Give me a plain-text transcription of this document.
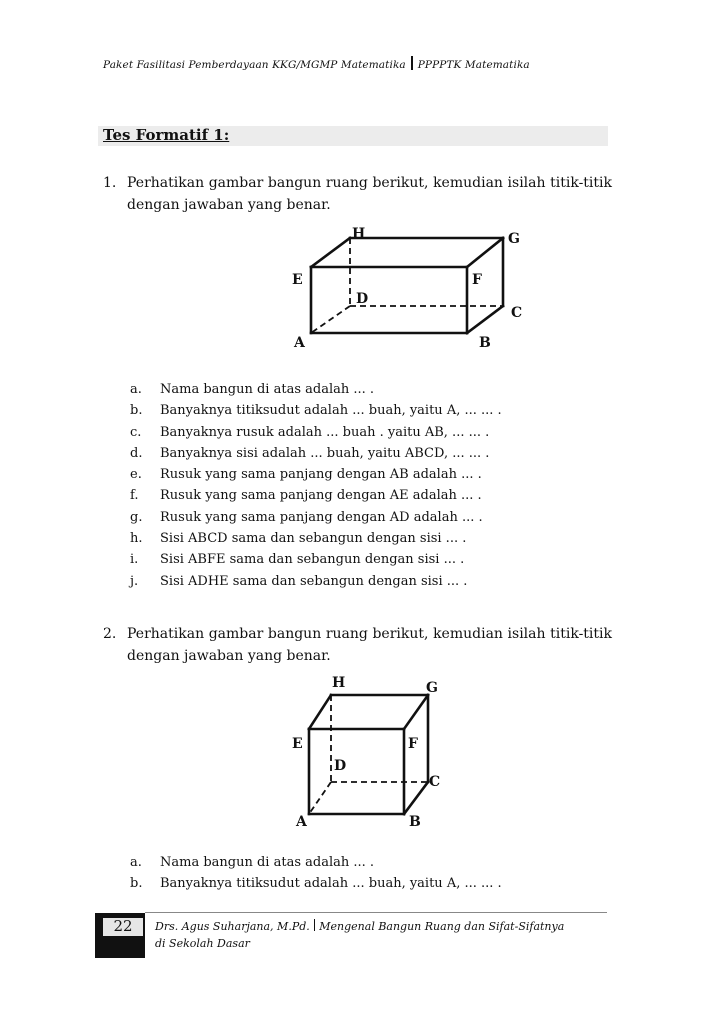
Paket Fasilitasi Pemberdayaan KKG/MGMP Matematika PPPPTK Matematika
Tes Formatif 1:
1. Perhatikan gambar bangun ruang berikut, kemudian isilah titik-titik dengan jawaban yang benar.
H	G
E	F
D
C
A	B
a. Nama bangun di atas adalah ... .
b. Banyaknya titiksudut adalah ... buah, yaitu A, ... ... .
c. Banyaknya rusuk adalah ... buah . yaitu AB, ... ... .
d. Banyaknya sisi adalah ... buah, yaitu ABCD, ... ... .
e. Rusuk yang sama panjang dengan AB adalah ... .
f. Rusuk yang sama panjang dengan AE adalah ... .
g. Rusuk yang sama panjang dengan AD adalah ... .
h. Sisi ABCD sama dan sebangun dengan sisi ... .
i. Sisi ABFE sama dan sebangun dengan sisi ... .
j. Sisi ADHE sama dan sebangun dengan sisi ... .
2. Perhatikan gambar bangun ruang berikut, kemudian isilah titik-titik dengan jawaban yang benar.
H	G
E	F
D
C
A	B
a. Nama bangun di atas adalah ... .
b. Banyaknya titiksudut adalah ... buah, yaitu A, ... ... .
22	Drs. Agus Suharjana, M.Pd. Mengenal Bangun Ruang dan Sifat-Sifatnya
di Sekolah Dasar
